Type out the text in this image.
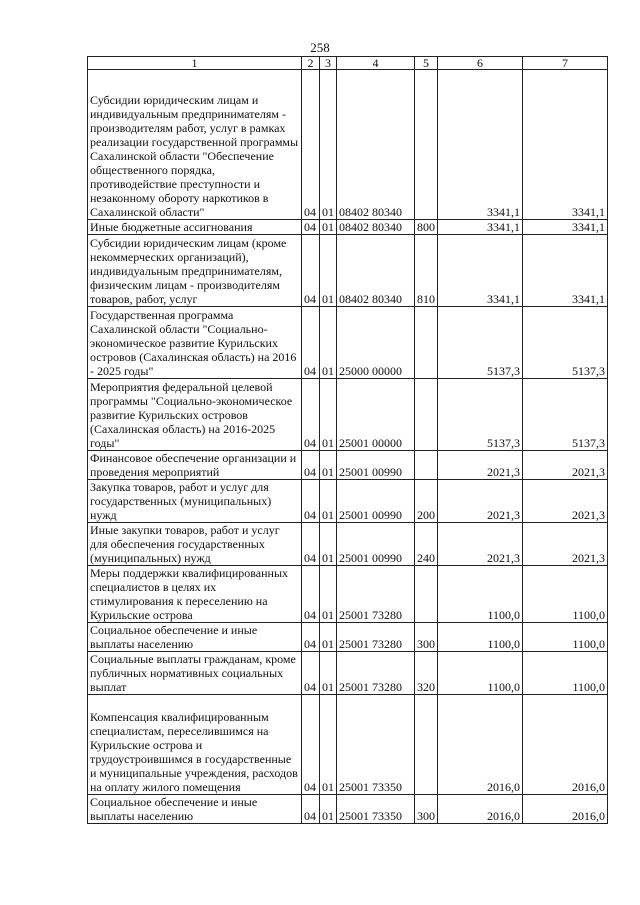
258
1	2	3	4	5	6	7
Субсидии юридическим лицам и индивидуальным предпринимателям - производителям работ, услуг в рамках реализации государственной программы Сахалинской области "Обеспечение общественного порядка, противодействие преступности и незаконному обороту наркотиков в Сахалинской области"	04	01	08402 80340		3341,1	3341,1
Иные бюджетные ассигнования	04	01	08402 80340	800	3341,1	3341,1
Субсидии юридическим лицам (кроме некоммерческих организаций), индивидуальным предпринимателям, физическим лицам - производителям товаров, работ, услуг	04	01	08402 80340	810	3341,1	3341,1
Государственная программа Сахалинской области "Социально-экономическое развитие Курильских островов (Сахалинская область) на 2016 - 2025 годы"	04	01	25000 00000		5137,3	5137,3
Мероприятия федеральной целевой программы "Социально-экономическое развитие Курильских островов (Сахалинская область) на 2016-2025 годы"	04	01	25001 00000		5137,3	5137,3
Финансовое обеспечение организации и проведения мероприятий	04	01	25001 00990		2021,3	2021,3
Закупка товаров, работ и услуг для государственных (муниципальных) нужд	04	01	25001 00990	200	2021,3	2021,3
Иные закупки товаров, работ и услуг для обеспечения государственных (муниципальных) нужд	04	01	25001 00990	240	2021,3	2021,3
Меры поддержки квалифицированных специалистов в целях их стимулирования к переселению на Курильские острова	04	01	25001 73280		1100,0	1100,0
Социальное обеспечение и иные выплаты населению	04	01	25001 73280	300	1100,0	1100,0
Социальные выплаты гражданам, кроме публичных нормативных социальных выплат	04	01	25001 73280	320	1100,0	1100,0
Компенсация квалифицированным специалистам, переселившимся на Курильские острова и трудоустроившимся в государственные и муниципальные учреждения, расходов на оплату жилого помещения	04	01	25001 73350		2016,0	2016,0
Социальное обеспечение и иные выплаты населению	04	01	25001 73350	300	2016,0	2016,0
